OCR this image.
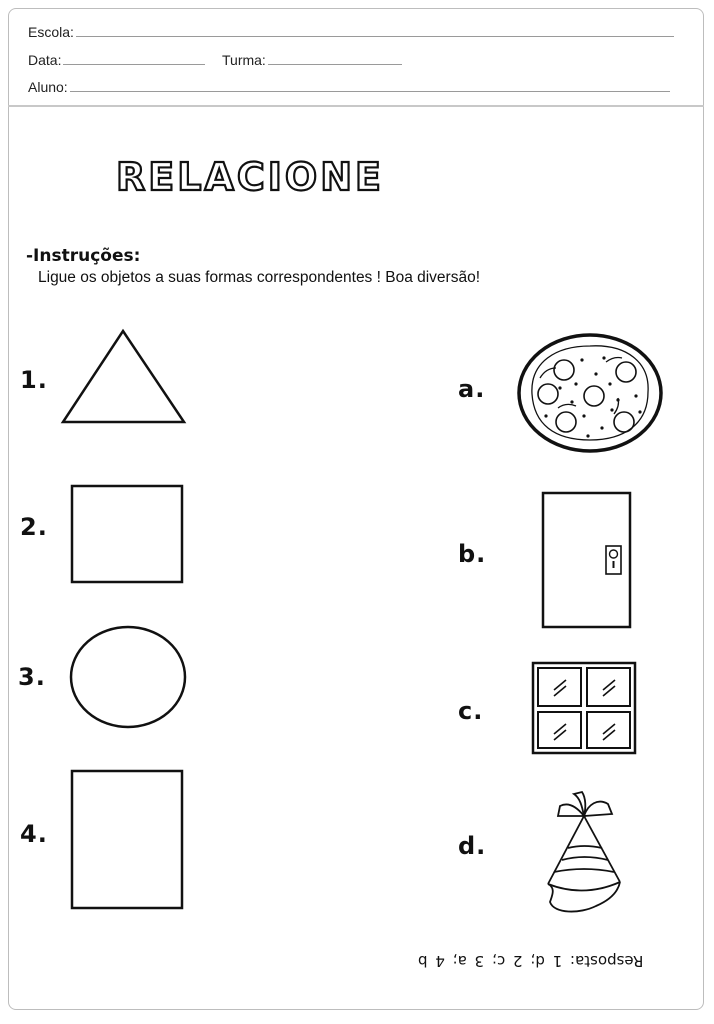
Escola:
Data:	Turma:
Aluno:
RELACIONE
-Instruções:
Ligue os objetos a suas formas correspondentes ! Boa diversão!
1.
2.
3.
4.
a.
b.
c.
d.
Resposta: 1 d; 2 c; 3 a; 4 b
